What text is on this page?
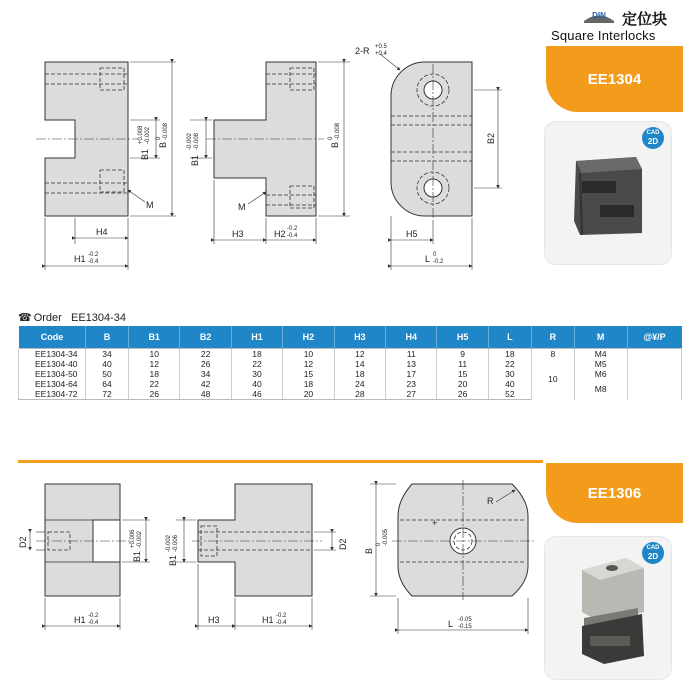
DIN 定位块
Square Interlocks
H4
H1 -0.2
-0.4
B1
+0.008 -0.002
B
0 -0.008
M
B1
-0.002 -0.008	B
0 -0.008
H3	H2 -0.2
-0.4
M
B2
H5
L 0
-0.2
2-R +0.5
+0.4
EE1304
CAD
2D
☎ Order EE1304-34
Code	B	B1	B2	H1	H2	H3	H4	H5	L	R	M	@¥/P
EE1304-34	34	10	22	18	10	12	11	9	18	8	M4	
EE1304-40	40	12	26	22	12	14	13	11	22	10	M5	
EE1304-50	50	18	34	30	15	18	17	15	30		M6	
EE1304-64	64	22	42	40	18	24	23	20	40		M8	
EE1304-72	72	26	48	46	20	28	27	26	52			
D2
B1
+0.006 -0.002
H1 -0.2
-0.4
B1
-0.002 -0.006	D2
H3	H1 -0.2
-0.4
+
B
0 -0.005
R
L -0.05
-0.15
EE1306
CAD
2D
